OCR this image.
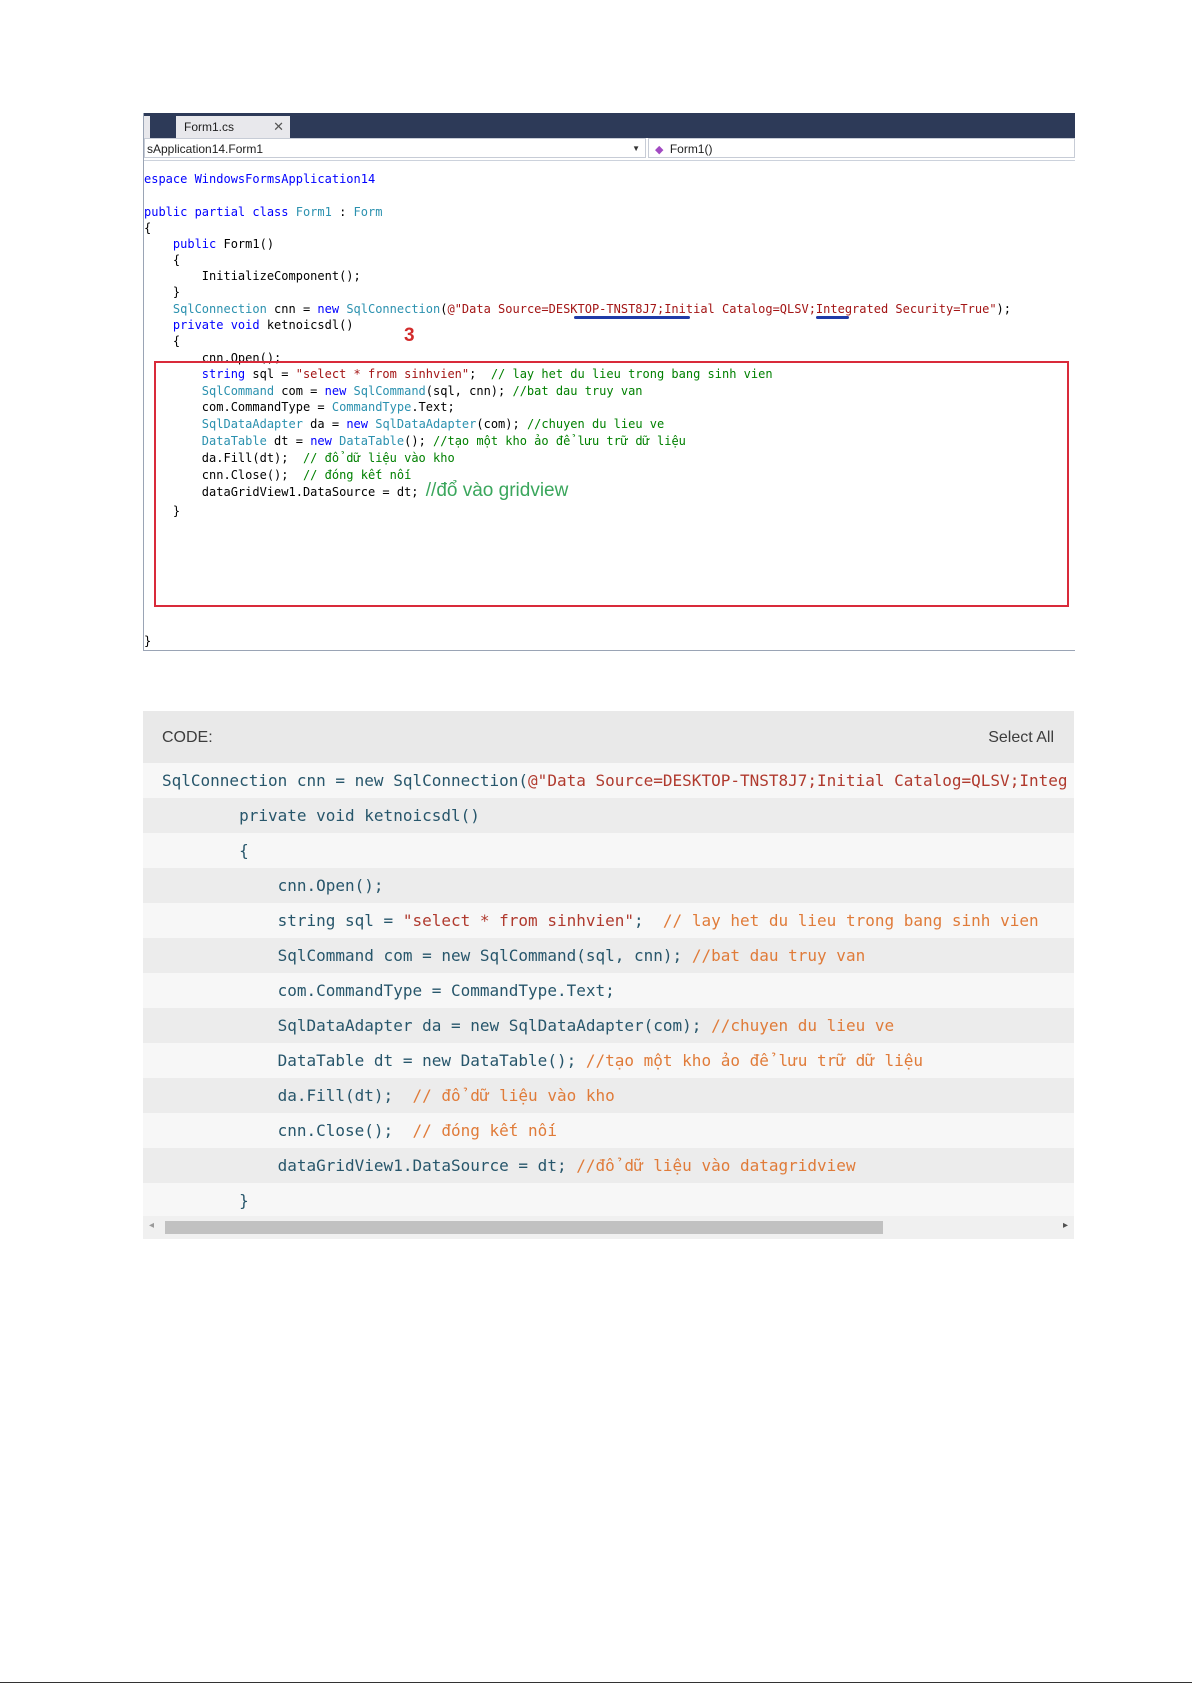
Form1.cs	✕
sApplication14.Form1	▼	◆ Form1()
espace WindowsFormsApplication14
public partial class Form1 : Form
{
public Form1()
{
InitializeComponent();
}
SqlConnection cnn = new SqlConnection(@"Data Source=DESKTOP-TNST8J7;Initial Catalog=QLSV;Integrated Security=True");
private void ketnoicsdl()
{
cnn.Open();
string sql = "select * from sinhvien";  // lay het du lieu trong bang sinh vien
SqlCommand com = new SqlCommand(sql, cnn); //bat dau truy van
com.CommandType = CommandType.Text;
SqlDataAdapter da = new SqlDataAdapter(com); //chuyen du lieu ve
DataTable dt = new DataTable(); //tạo một kho ảo để lưu trữ dữ liệu
da.Fill(dt);  // đổ dữ liệu vào kho
cnn.Close();  // đóng kết nối
dataGridView1.DataSource = dt; //đổ vào gridview
}
}
3
CODE:	Select All
SqlConnection cnn = new SqlConnection(@"Data Source=DESKTOP-TNST8J7;Initial Catalog=QLSV;Integ
private void ketnoicsdl()
{
cnn.Open();
string sql = "select * from sinhvien";  // lay het du lieu trong bang sinh vien
SqlCommand com = new SqlCommand(sql, cnn); //bat dau truy van
com.CommandType = CommandType.Text;
SqlDataAdapter da = new SqlDataAdapter(com); //chuyen du lieu ve
DataTable dt = new DataTable(); //tạo một kho ảo để lưu trữ dữ liệu
da.Fill(dt);  // đổ dữ liệu vào kho
cnn.Close();  // đóng kết nối
dataGridView1.DataSource = dt; //đổ dữ liệu vào datagridview
}
◂	▸
